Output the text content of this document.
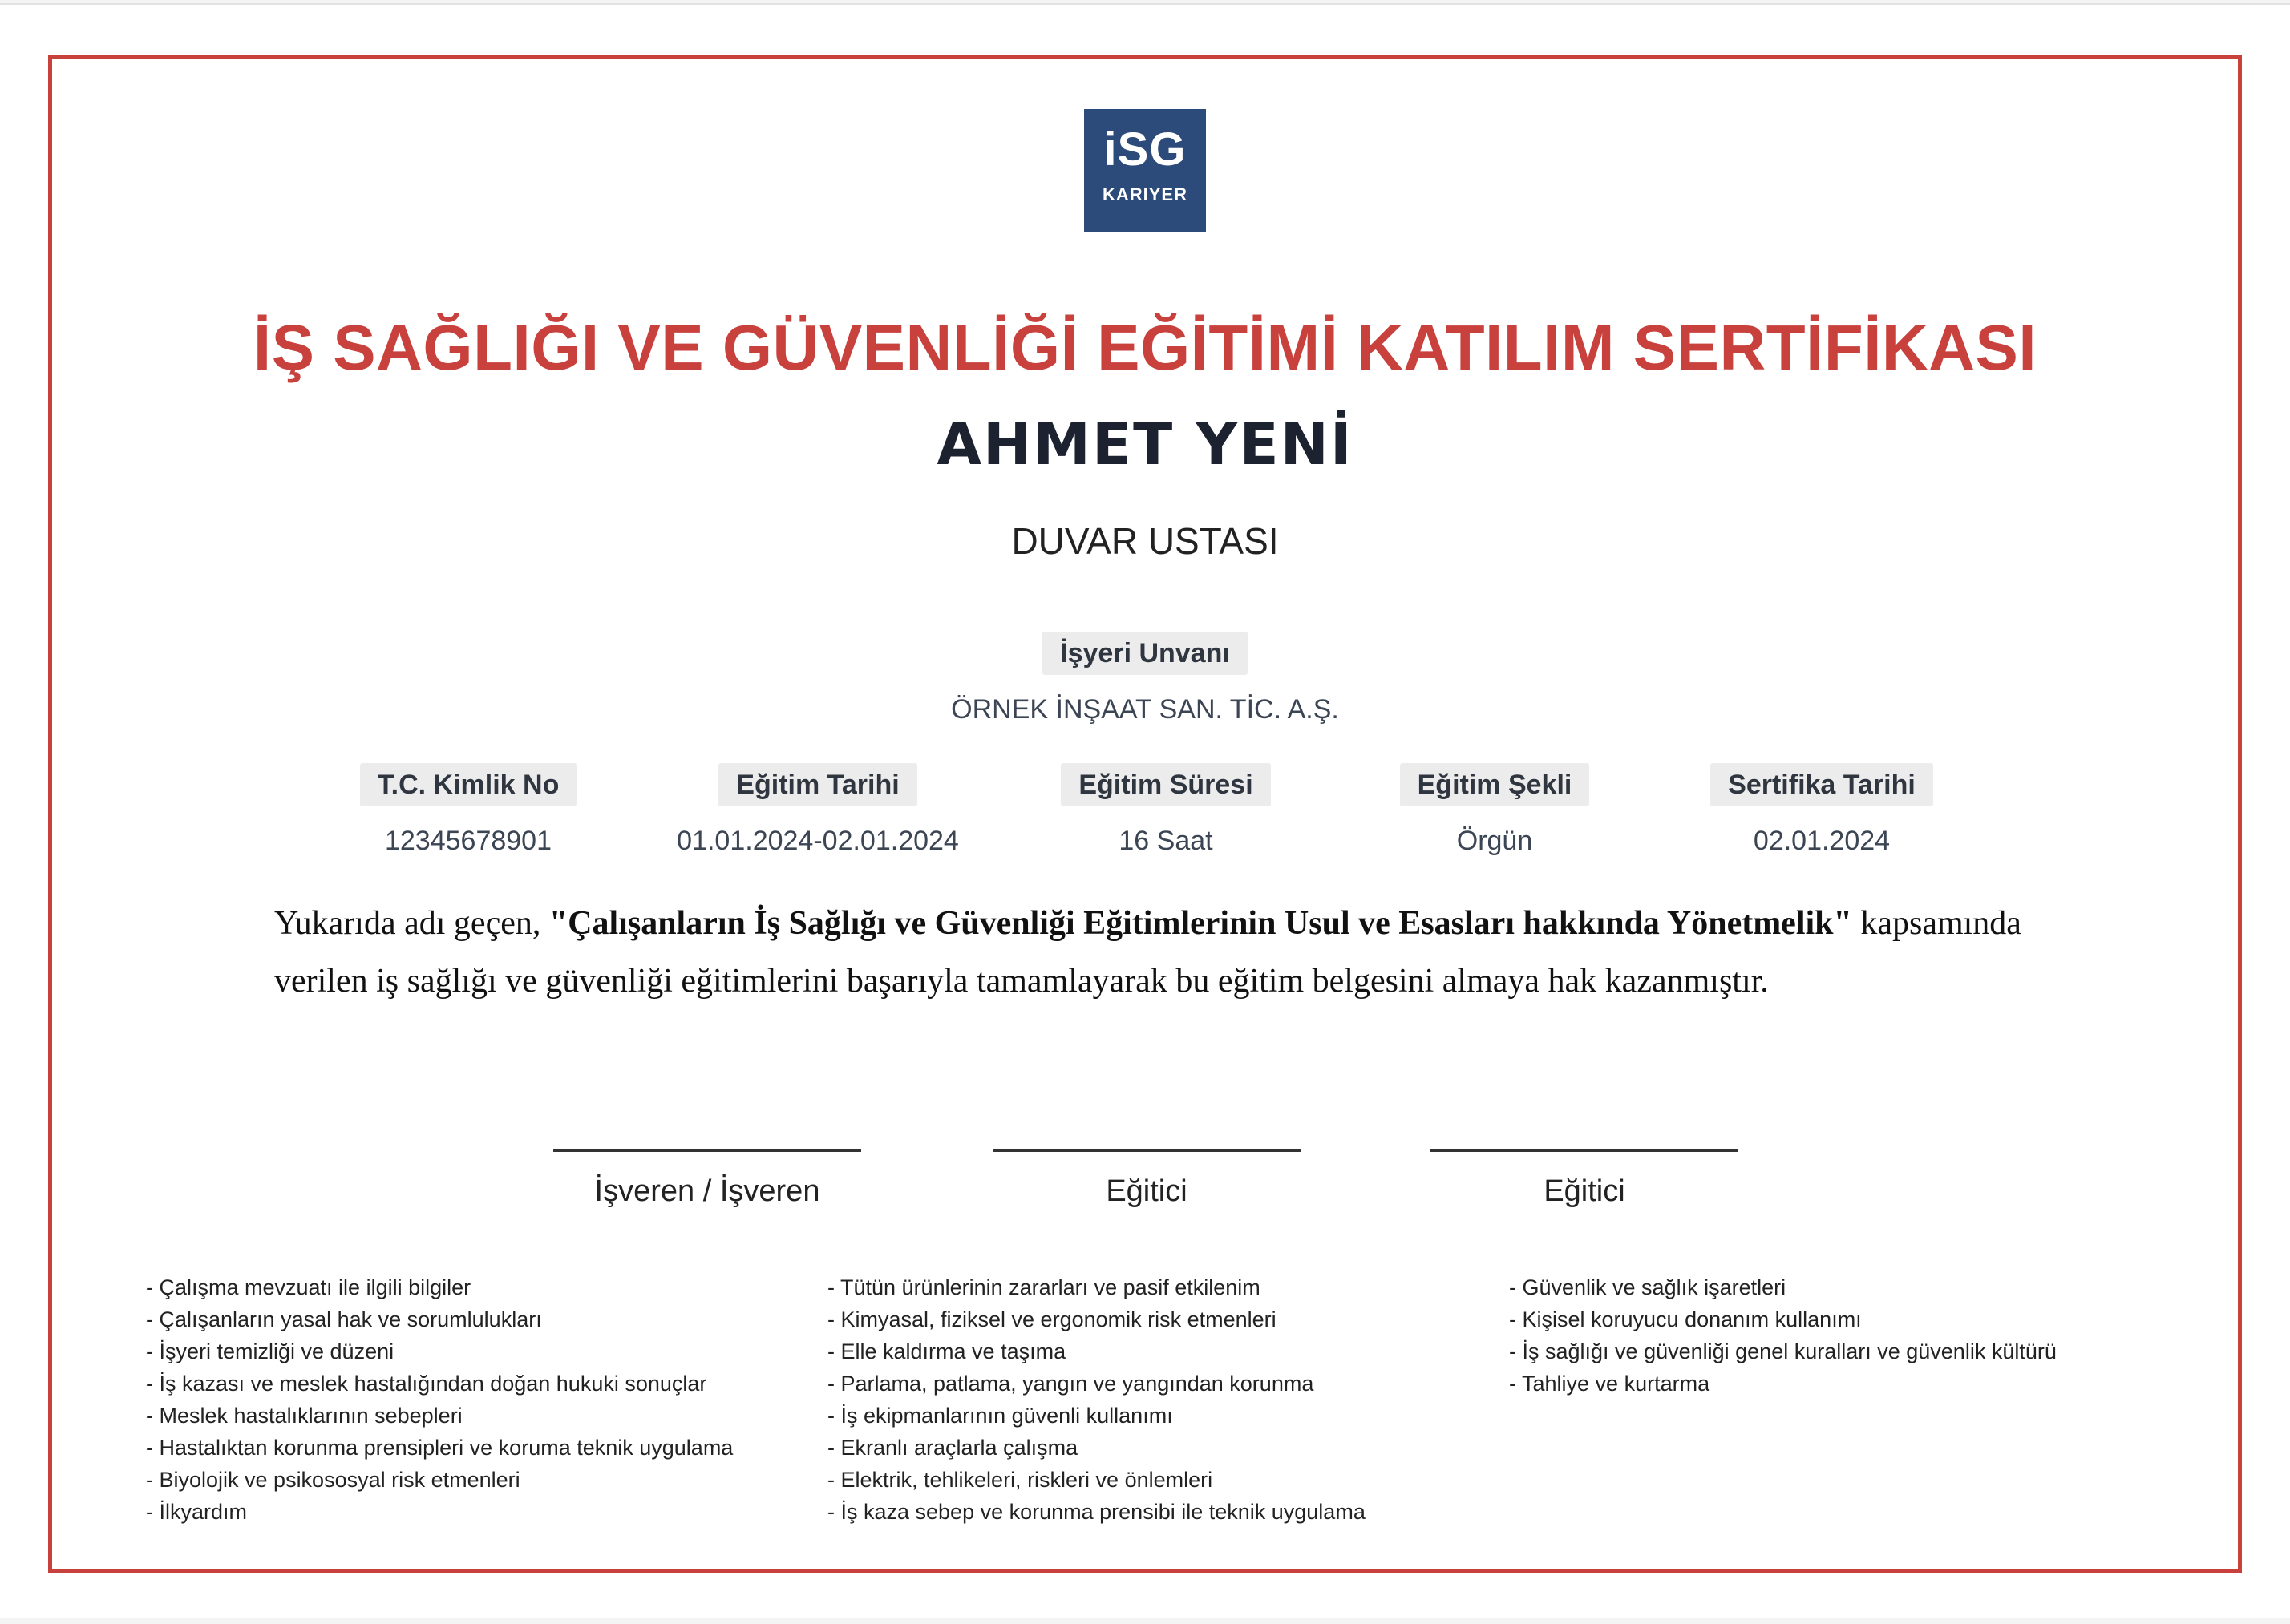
iSG
KARIYER
İŞ SAĞLIĞI VE GÜVENLİĞİ EĞİTİMİ KATILIM SERTİFİKASI
AHMET YENİ
DUVAR USTASI
İşyeri Unvanı
ÖRNEK İNŞAAT SAN. TİC. A.Ş.
T.C. Kimlik No
12345678901
Eğitim Tarihi
01.01.2024-02.01.2024
Eğitim Süresi
16 Saat
Eğitim Şekli
Örgün
Sertifika Tarihi
02.01.2024
Yukarıda adı geçen, "Çalışanların İş Sağlığı ve Güvenliği Eğitimlerinin Usul ve Esasları hakkında Yönetmelik" kapsamında verilen iş sağlığı ve güvenliği eğitimlerini başarıyla tamamlayarak bu eğitim belgesini almaya hak kazanmıştır.
İşveren / İşveren	Eğitici	Eğitici
- Çalışma mevzuatı ile ilgili bilgiler
- Çalışanların yasal hak ve sorumlulukları
- İşyeri temizliği ve düzeni
- İş kazası ve meslek hastalığından doğan hukuki sonuçlar
- Meslek hastalıklarının sebepleri
- Hastalıktan korunma prensipleri ve koruma teknik uygulama
- Biyolojik ve psikososyal risk etmenleri
- İlkyardım
- Tütün ürünlerinin zararları ve pasif etkilenim
- Kimyasal, fiziksel ve ergonomik risk etmenleri
- Elle kaldırma ve taşıma
- Parlama, patlama, yangın ve yangından korunma
- İş ekipmanlarının güvenli kullanımı
- Ekranlı araçlarla çalışma
- Elektrik, tehlikeleri, riskleri ve önlemleri
- İş kaza sebep ve korunma prensibi ile teknik uygulama
- Güvenlik ve sağlık işaretleri
- Kişisel koruyucu donanım kullanımı
- İş sağlığı ve güvenliği genel kuralları ve güvenlik kültürü
- Tahliye ve kurtarma
